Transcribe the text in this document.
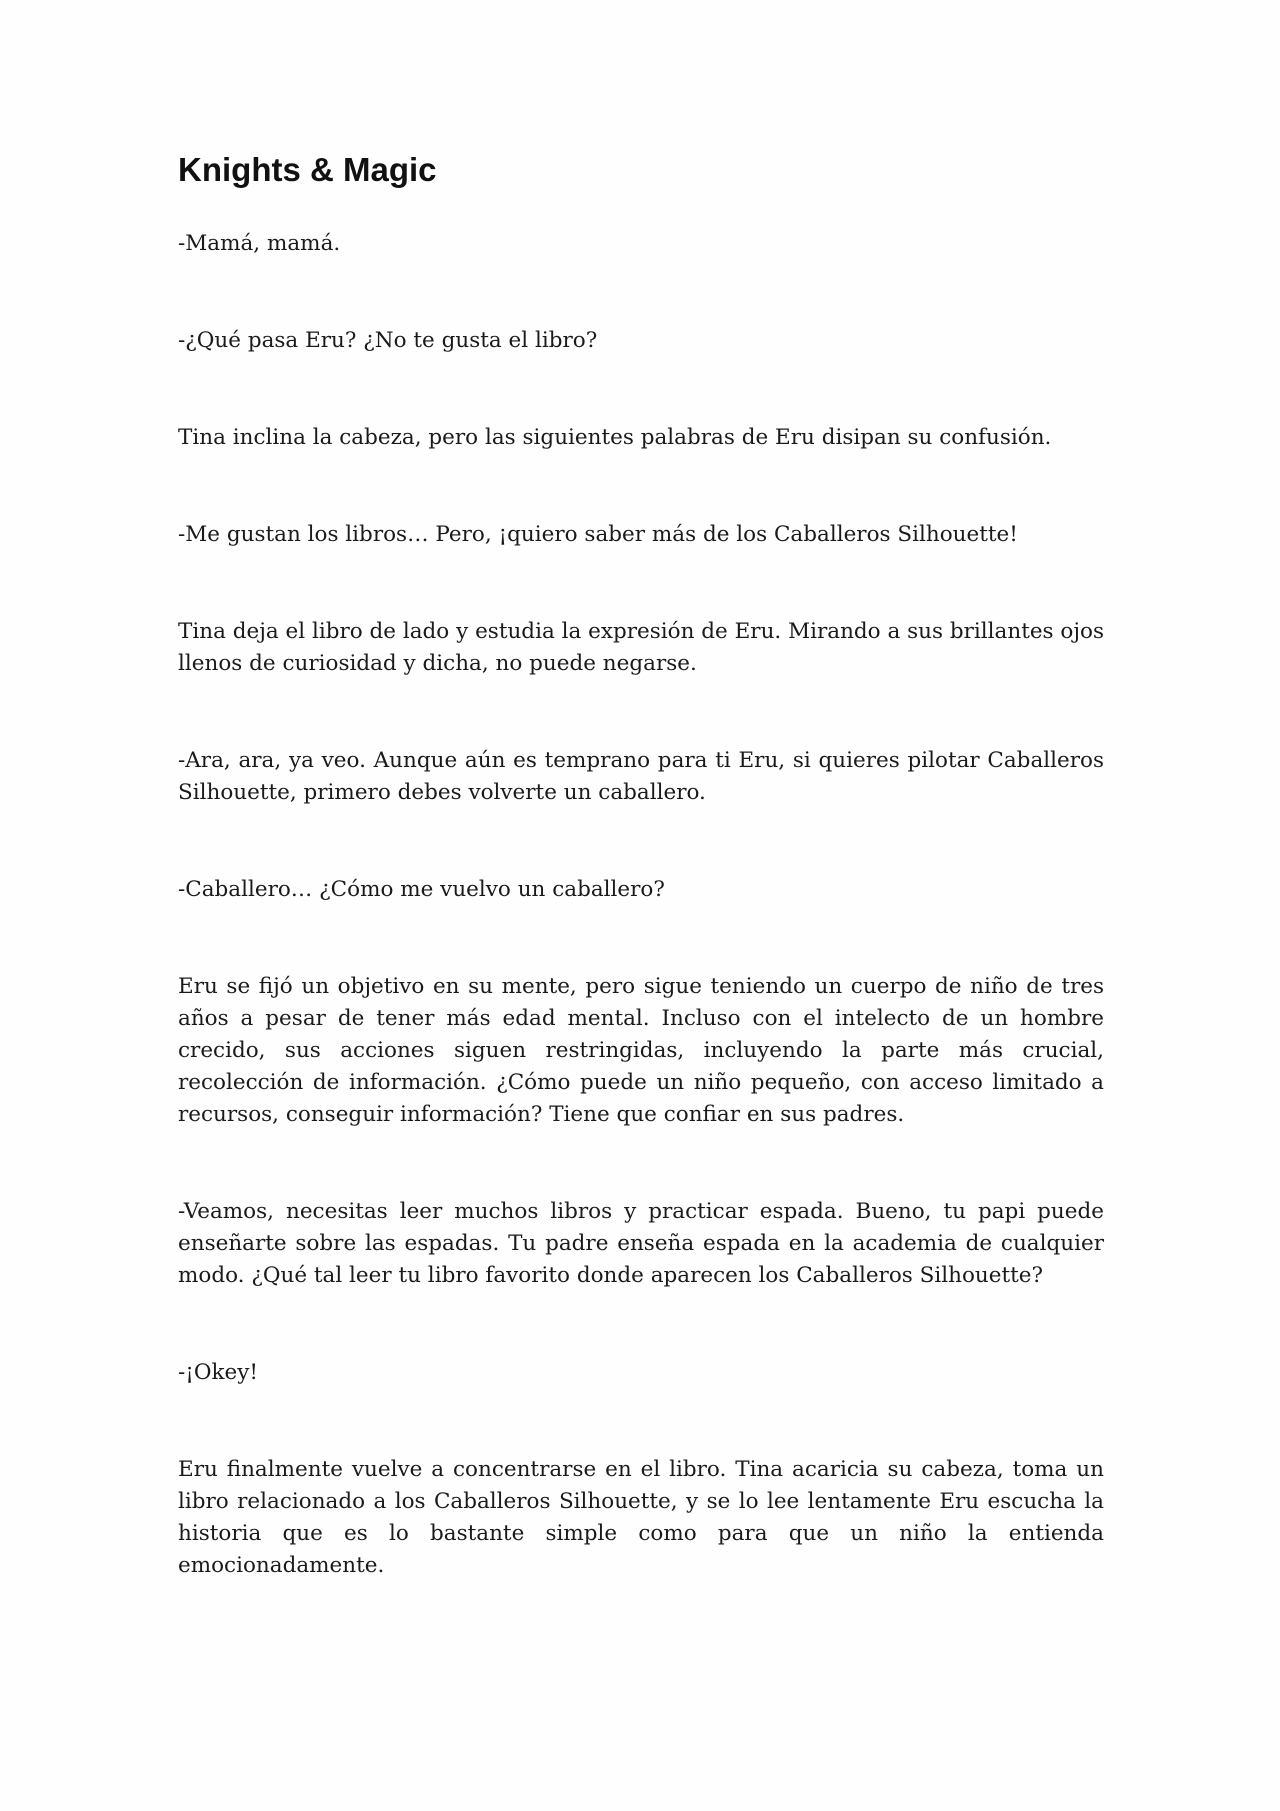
Knights & Magic

-Mamá, mamá.

-¿Qué pasa Eru? ¿No te gusta el libro?

Tina inclina la cabeza, pero las siguientes palabras de Eru disipan su confusión.

-Me gustan los libros… Pero, ¡quiero saber más de los Caballeros Silhouette!

Tina deja el libro de lado y estudia la expresión de Eru. Mirando a sus brillantes ojos llenos de curiosidad y dicha, no puede negarse.

-Ara, ara, ya veo. Aunque aún es temprano para ti Eru, si quieres pilotar Caballeros Silhouette, primero debes volverte un caballero.

-Caballero… ¿Cómo me vuelvo un caballero?

Eru se fijó un objetivo en su mente, pero sigue teniendo un cuerpo de niño de tres años a pesar de tener más edad mental. Incluso con el intelecto de un hombre crecido, sus acciones siguen restringidas, incluyendo la parte más crucial, recolección de información. ¿Cómo puede un niño pequeño, con acceso limitado a recursos, conseguir información? Tiene que confiar en sus padres.

-Veamos, necesitas leer muchos libros y practicar espada. Bueno, tu papi puede enseñarte sobre las espadas. Tu padre enseña espada en la academia de cualquier modo. ¿Qué tal leer tu libro favorito donde aparecen los Caballeros Silhouette?

-¡Okey!

Eru finalmente vuelve a concentrarse en el libro. Tina acaricia su cabeza, toma un libro relacionado a los Caballeros Silhouette, y se lo lee lentamente Eru escucha la historia que es lo bastante simple como para que un niño la entienda emocionadamente.
